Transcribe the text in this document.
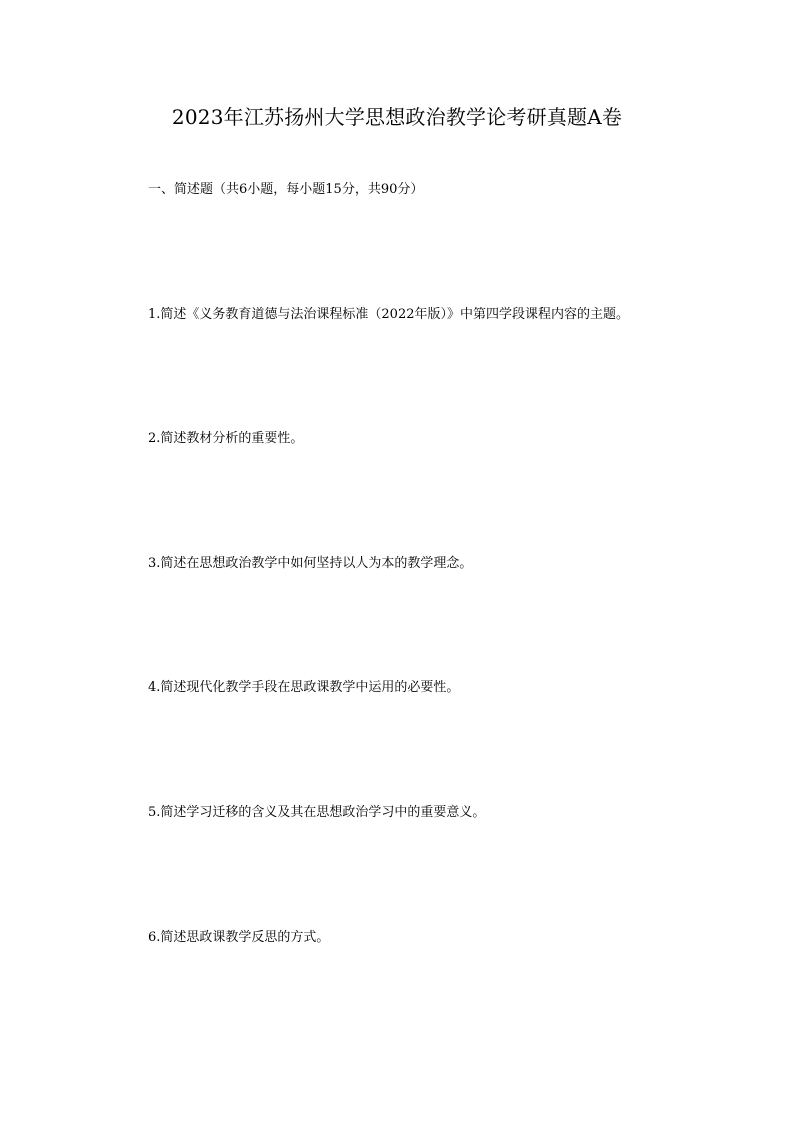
2023年江苏扬州大学思想政治教学论考研真题A卷
一、简述题（共6小题，每小题15分，共90分）
1.简述《义务教育道德与法治课程标准（2022年版）》中第四学段课程内容的主题。
2.简述教材分析的重要性。
3.简述在思想政治教学中如何坚持以人为本的教学理念。
4.简述现代化教学手段在思政课教学中运用的必要性。
5.简述学习迁移的含义及其在思想政治学习中的重要意义。
6.简述思政课教学反思的方式。
